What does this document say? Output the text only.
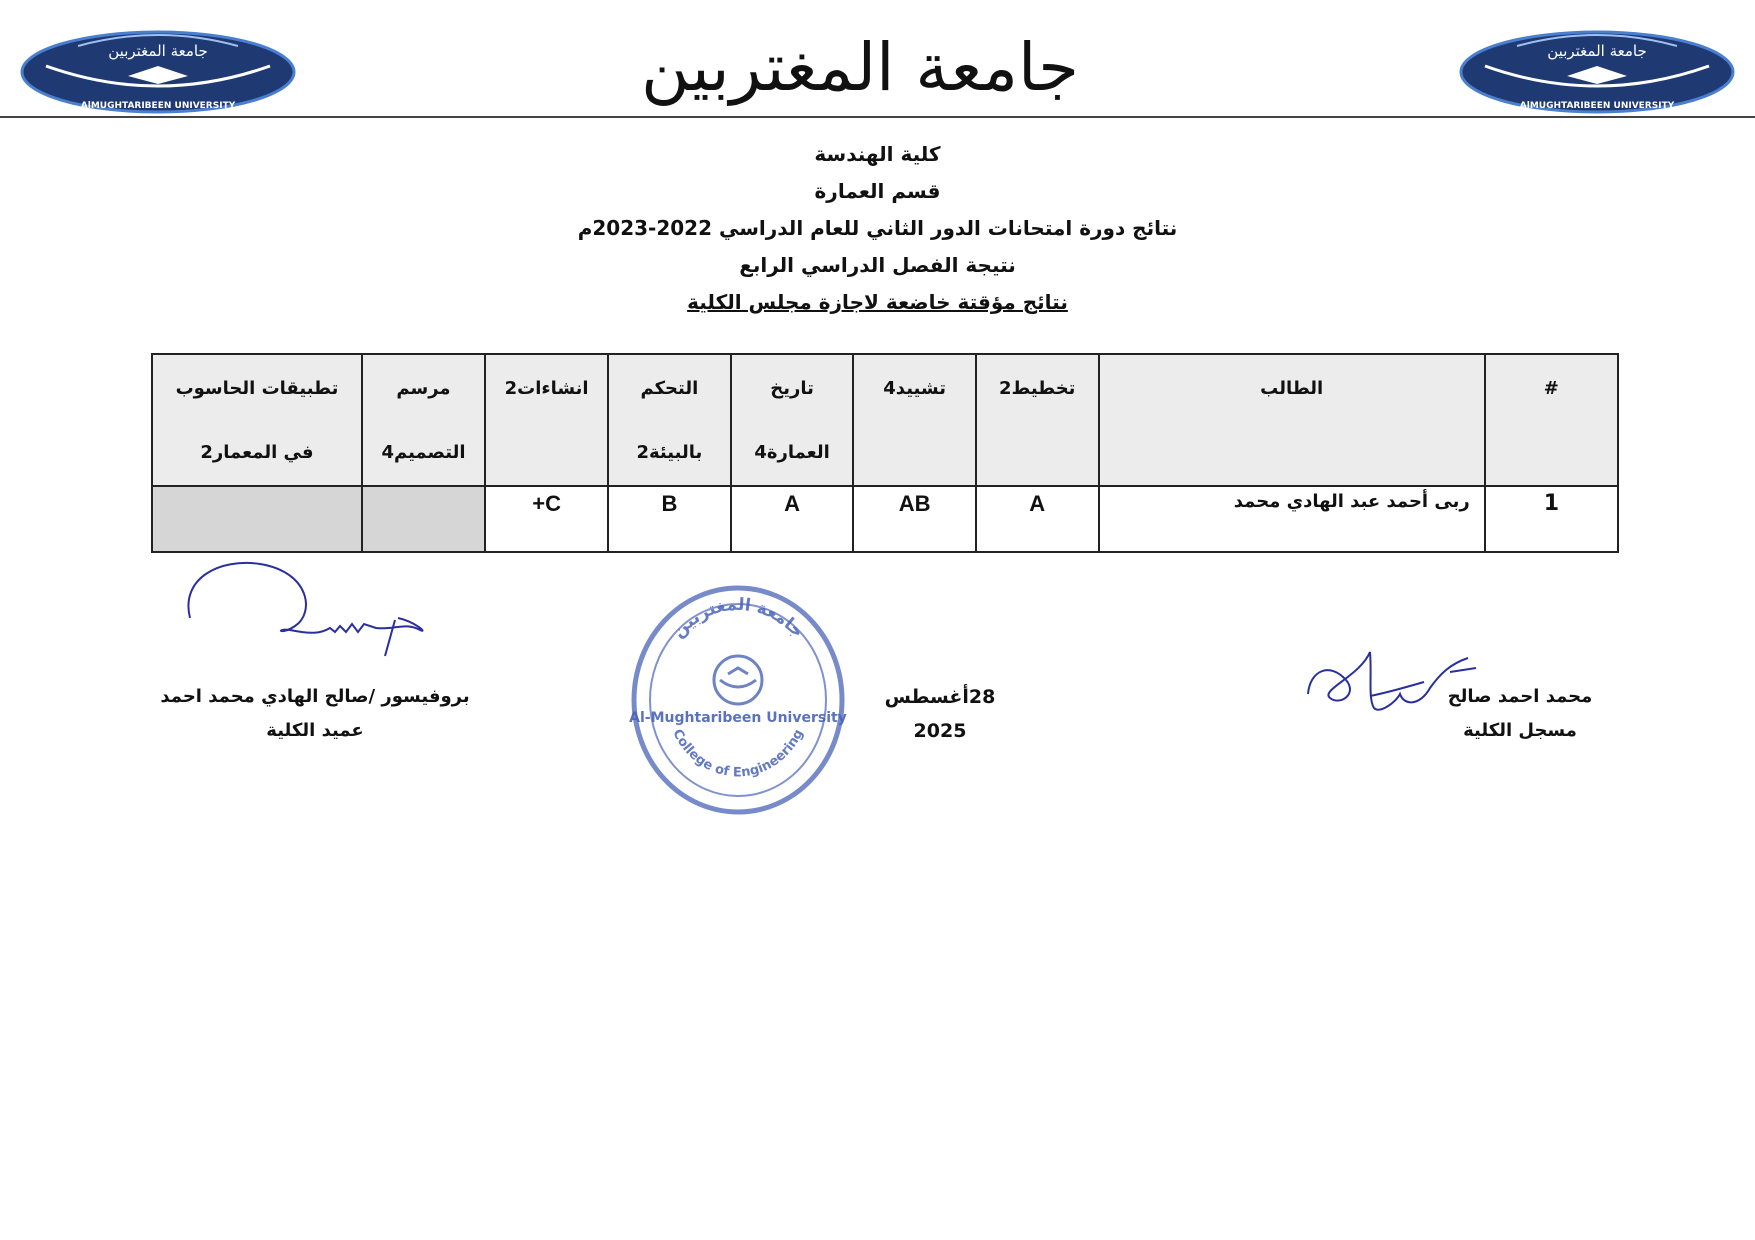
جامعة المغتربين
AlMUGHTARIBEEN UNIVERSITY
جامعة المغتربين
AlMUGHTARIBEEN UNIVERSITY
جامعة المغتربين
كلية الهندسة
قسم العمارة
نتائج دورة امتحانات الدور الثاني للعام الدراسي 2022-2023م
نتيجة الفصل الدراسي الرابع
نتائج مؤقتة خاضعة لاجازة مجلس الكلية
#	الطالب	تخطيط2	تشييد4	تاريخ العمارة4	التحكم بالبيئة2	انشاءات2	مرسم التصميم4	تطبيقات الحاسوب في المعمار2
1	ربى أحمد عبد الهادي محمد	A	AB	A	B	C+		
بروفيسور /صالح الهادي محمد احمد
عميد الكلية
جامعة المغتربين
Al-Mughtaribeen University
College of Engineering
28أغسطس 2025
محمد احمد صالح
مسجل الكلية
